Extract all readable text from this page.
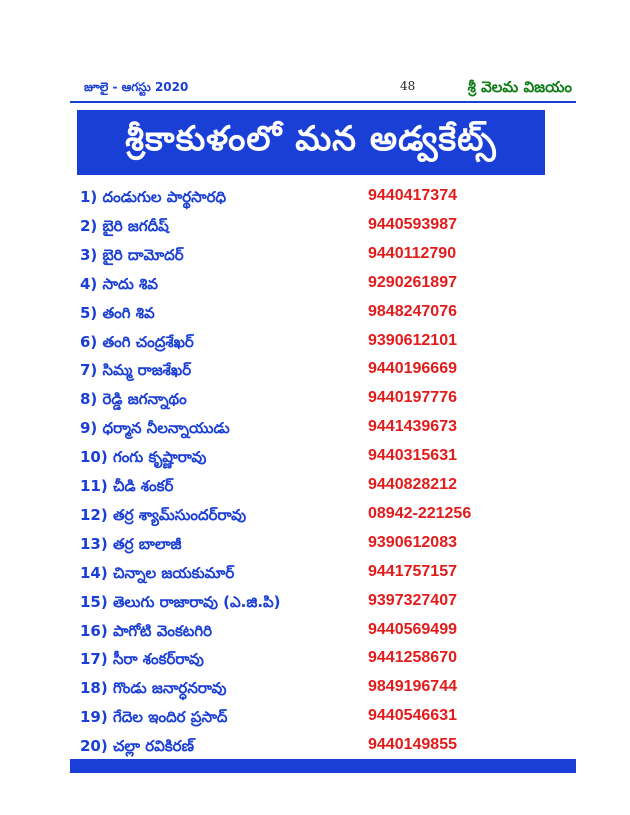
జూలై - ఆగస్టు 2020	48	శ్రీ వెలమ విజయం
శ్రీకాకుళంలో మన అడ్వకేట్స్
1) దండుగుల పార్థసారధి	9440417374
2) బైరి జగదీష్	9440593987
3) బైరి దామోదర్	9440112790
4) సాదు శివ	9290261897
5) తంగి శివ	9848247076
6) తంగి చంద్రశేఖర్	9390612101
7) సిమ్మ రాజశేఖర్	9440196669
8) రెడ్డి జగన్నాథం	9440197776
9) ధర్మాన నీలన్నాయుడు	9441439673
10) గంగు కృష్ణారావు	9440315631
11) చీడి శంకర్	9440828212
12) తర్ర శ్యామ్‌సుందర్‌రావు	08942-221256
13) తర్ర బాలాజీ	9390612083
14) చిన్నాల జయకుమార్	9441757157
15) తెలుగు రాజారావు (ఎ.జి.పి)	9397327407
16) పాగోటి వెంకటగిరి	9440569499
17) సీరా శంకర్‌రావు	9441258670
18) గొండు జనార్ధనరావు	9849196744
19) గేదెల ఇందిర ప్రసాద్	9440546631
20) చల్లా రవికిరణ్	9440149855
